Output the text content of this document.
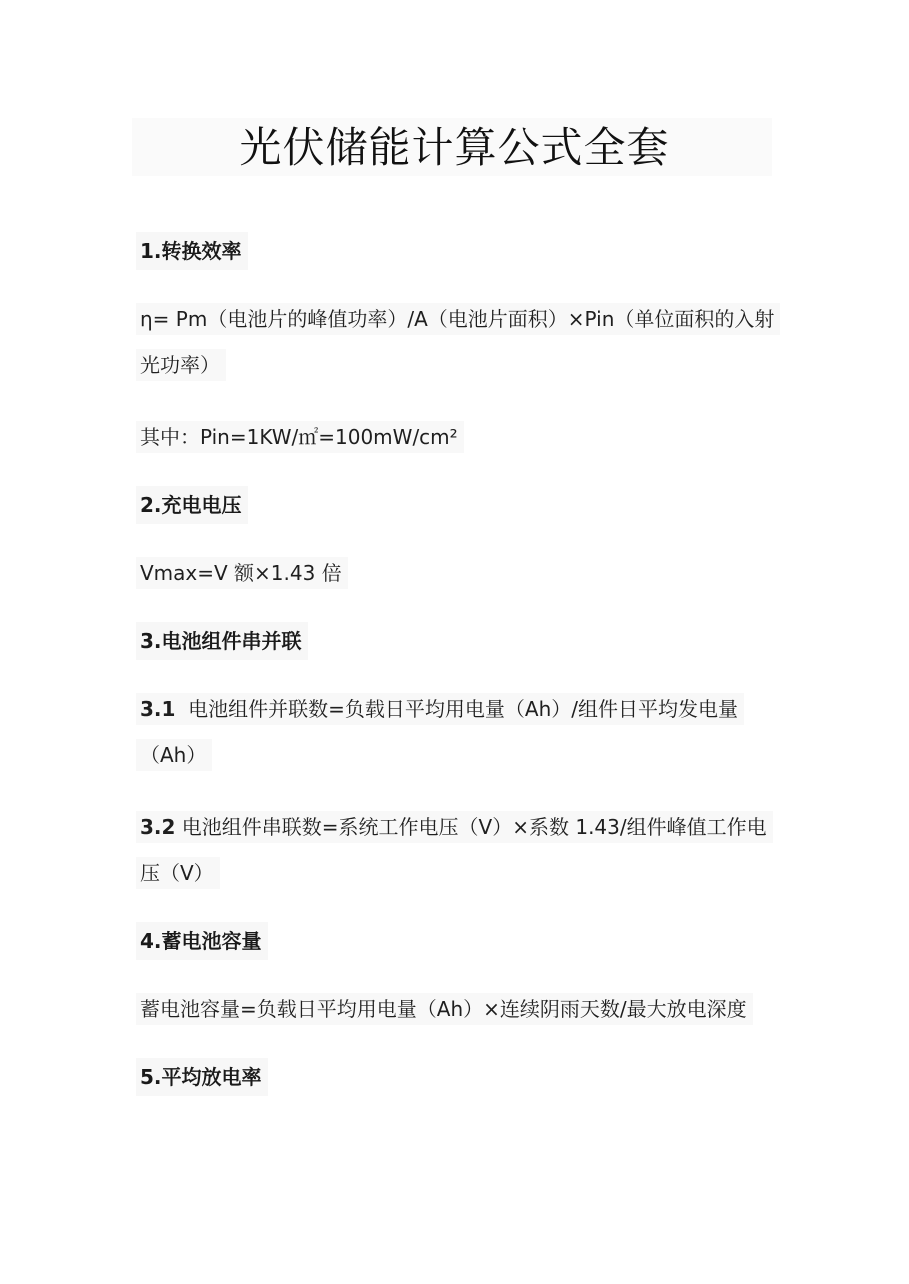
光伏储能计算公式全套
1.转换效率
η= Pm（电池片的峰值功率）/A（电池片面积）×Pin（单位面积的入射光功率）
其中：Pin=1KW/㎡=100mW/cm²
2.充电电压
Vmax=V 额×1.43 倍
3.电池组件串并联
3.1 电池组件并联数=负载日平均用电量（Ah）/组件日平均发电量（Ah）
3.2 电池组件串联数=系统工作电压（V）×系数 1.43/组件峰值工作电压（V）
4.蓄电池容量
蓄电池容量=负载日平均用电量（Ah）×连续阴雨天数/最大放电深度
5.平均放电率
